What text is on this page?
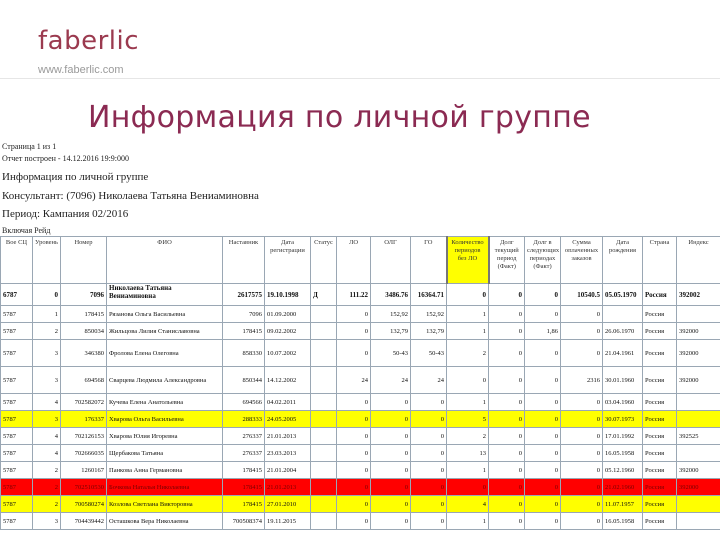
faberlic
www.faberlic.com
Информация по личной группе
Страница 1 из 1
Отчет построен - 14.12.2016 19:9:000
Информация по личной группе
Консультант: (7096) Николаева Татьяна Вениаминовна
Период: Кампания 02/2016
Включая Рейд
Вое СЦ	Уровень	Номер	ФИО	Наставник	Дата регистрации	Статус	ЛО	ОЛГ	ГО	Количество периодов без ЛО	Долг текущий период (Факт)	Долг в следующих периодах (Факт)	Сумма оплаченных заказов	Дата рождения	Страна	Индекс
6787	0	7096	Николаева Татьяна Вениаминовна	2617575	19.10.1998	Д	111.22	3486.76	16364.71	0	0	0	10540.5	05.05.1970	Россия	392002
5787	1	178415	Рязанова Ольга Васильевна	7096	01.09.2000		0	152,92	152,92	1	0	0	0		Россия	
5787	2	850034	Жильцова Лилия Станиславовна	178415	09.02.2002		0	132,79	132,79	1	0	1,86	0	26.06.1970	Россия	392000
5787	3	346380	Фролова Елена Олеговна	858330	10.07.2002		0	50-43	50-43	2	0	0	0	21.04.1961	Россия	392000
5787	3	694568	Сварцева Людмила Александровна	850344	14.12.2002		24	24	24	0	0	0	2316	30.01.1960	Россия	392000
5787	4	702582072	Кучева Елена Анатольевна	694566	04.02.2011		0	0	0	1	0	0	0	03.04.1960	Россия	
5787	3	176337	Хварова Ольга Васильевна	288333	24.05.2005		0	0	0	5	0	0	0	30.07.1973	Россия	
5787	4	702126153	Хварова Юлия Игоревна	276337	21.01.2013		0	0	0	2	0	0	0	17.01.1992	Россия	392525
5787	4	702666035	Щербакова Татьяна	276337	23.03.2013		0	0	0	13	0	0	0	16.05.1958	Россия	
5787	2	1260167	Панкова Анна Германовна	178415	21.01.2004		0	0	0	1	0	0	0	05.12.1960	Россия	392000
5787	2	702510530	Бочкова Наталья Николаевна	178415	21.01.2013		0	0	0	0	0	0	0	21.02.1960	Россия	392000
5787	2	700580274	Козлова Светлана Викторовна	178415	27.01.2010		0	0	0	4	0	0	0	11.07.1957	Россия	
5787	3	704439442	Осташкова Вера Николаевна	700508374	19.11.2015		0	0	0	1	0	0	0	16.05.1958	Россия	
